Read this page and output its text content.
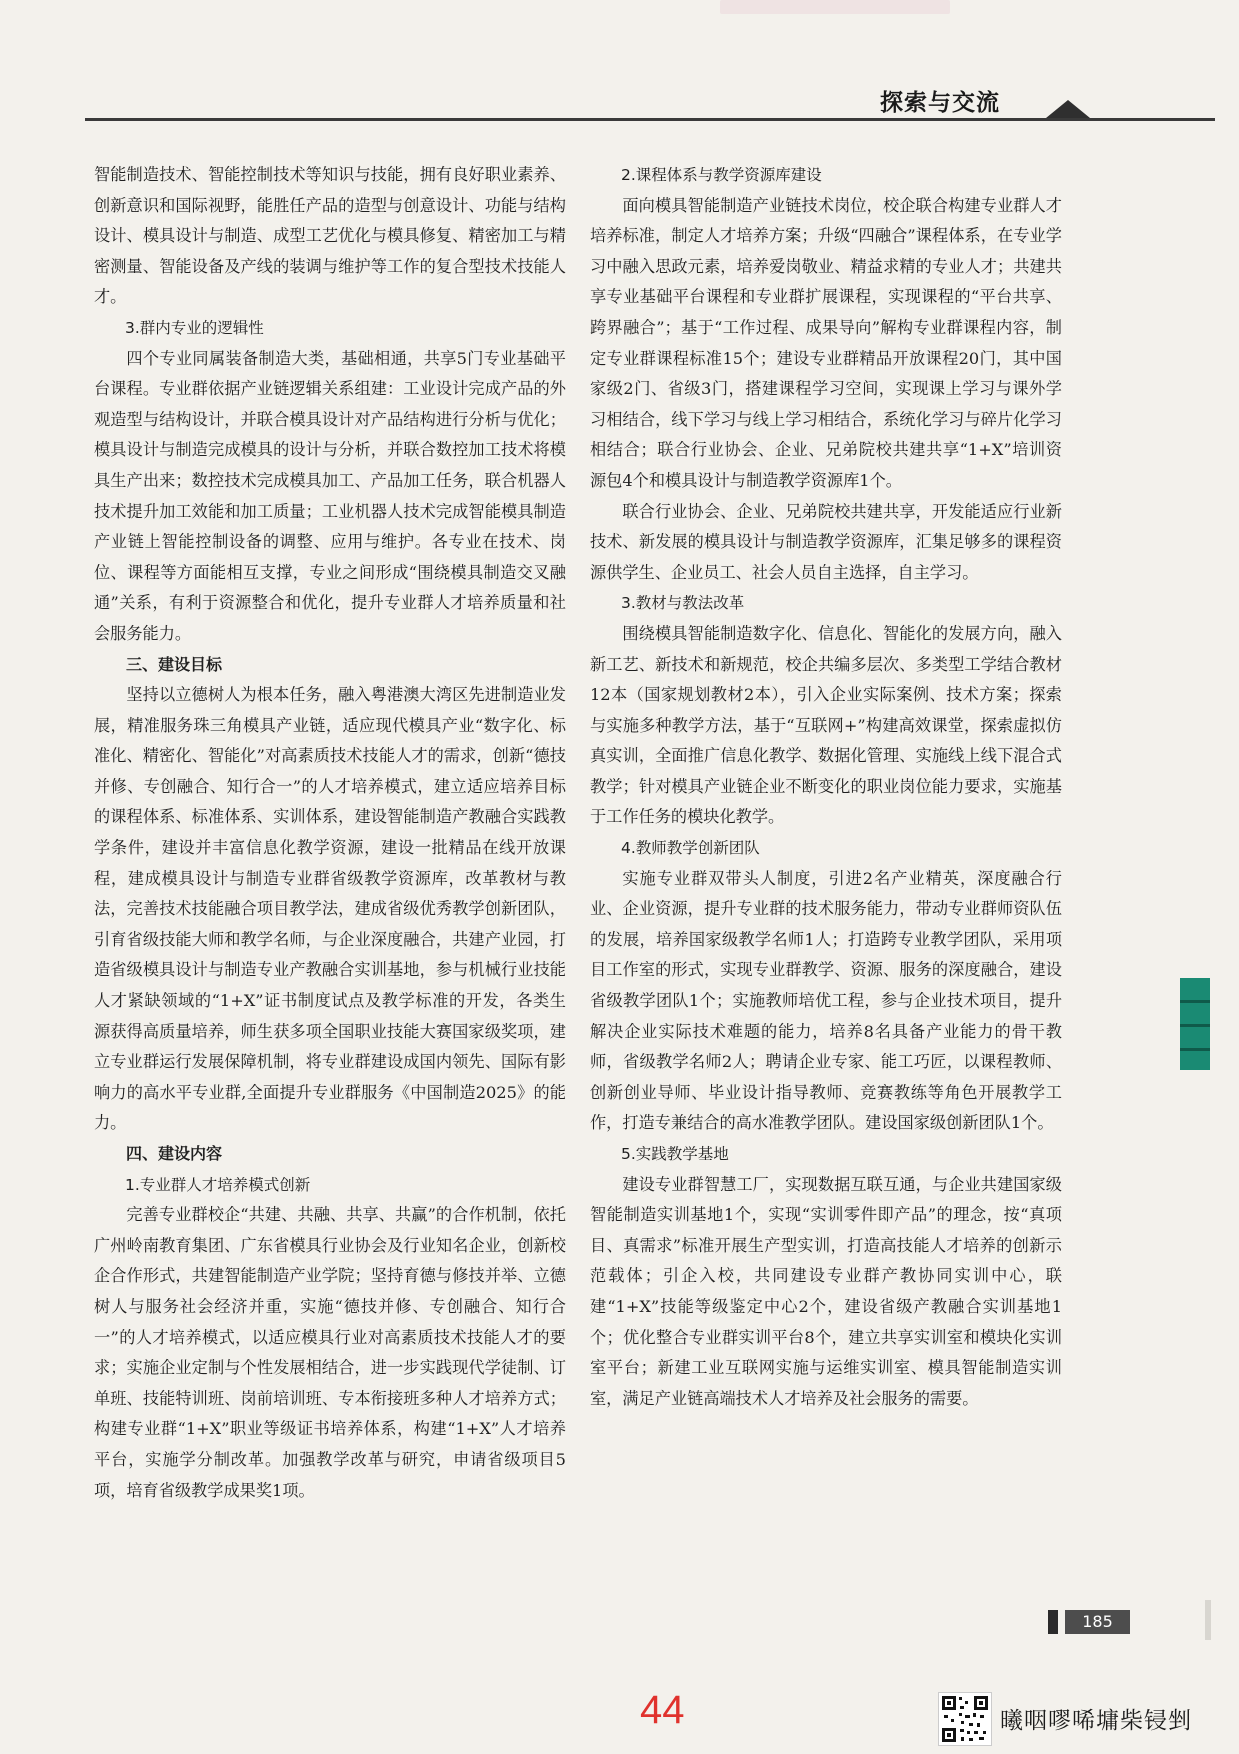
探索与交流

智能制造技术、智能控制技术等知识与技能，拥有良好职业素养、创新意识和国际视野，能胜任产品的造型与创意设计、功能与结构设计、模具设计与制造、成型工艺优化与模具修复、精密加工与精密测量、智能设备及产线的装调与维护等工作的复合型技术技能人才。

3.群内专业的逻辑性

四个专业同属装备制造大类，基础相通，共享5门专业基础平台课程。专业群依据产业链逻辑关系组建：工业设计完成产品的外观造型与结构设计，并联合模具设计对产品结构进行分析与优化；模具设计与制造完成模具的设计与分析，并联合数控加工技术将模具生产出来；数控技术完成模具加工、产品加工任务，联合机器人技术提升加工效能和加工质量；工业机器人技术完成智能模具制造产业链上智能控制设备的调整、应用与维护。各专业在技术、岗位、课程等方面能相互支撑，专业之间形成“围绕模具制造交叉融通”关系，有利于资源整合和优化，提升专业群人才培养质量和社会服务能力。

三、建设目标

坚持以立德树人为根本任务，融入粤港澳大湾区先进制造业发展，精准服务珠三角模具产业链，适应现代模具产业“数字化、标准化、精密化、智能化”对高素质技术技能人才的需求，创新“德技并修、专创融合、知行合一”的人才培养模式，建立适应培养目标的课程体系、标准体系、实训体系，建设智能制造产教融合实践教学条件，建设并丰富信息化教学资源，建设一批精品在线开放课程，建成模具设计与制造专业群省级教学资源库，改革教材与教法，完善技术技能融合项目教学法，建成省级优秀教学创新团队，引育省级技能大师和教学名师，与企业深度融合，共建产业园，打造省级模具设计与制造专业产教融合实训基地，参与机械行业技能人才紧缺领域的“1+X”证书制度试点及教学标准的开发，各类生源获得高质量培养，师生获多项全国职业技能大赛国家级奖项，建立专业群运行发展保障机制，将专业群建设成国内领先、国际有影响力的高水平专业群,全面提升专业群服务《中国制造2025》的能力。

四、建设内容
1.专业群人才培养模式创新

完善专业群校企“共建、共融、共享、共赢”的合作机制，依托广州岭南教育集团、广东省模具行业协会及行业知名企业，创新校企合作形式，共建智能制造产业学院；坚持育德与修技并举、立德树人与服务社会经济并重，实施“德技并修、专创融合、知行合一”的人才培养模式，以适应模具行业对高素质技术技能人才的要求；实施企业定制与个性发展相结合，进一步实践现代学徒制、订单班、技能特训班、岗前培训班、专本衔接班多种人才培养方式；构建专业群“1+X”职业等级证书培养体系，构建“1+X”人才培养平台，实施学分制改革。加强教学改革与研究，申请省级项目5项，培育省级教学成果奖1项。

2.课程体系与教学资源库建设

面向模具智能制造产业链技术岗位，校企联合构建专业群人才培养标准，制定人才培养方案；升级“四融合”课程体系，在专业学习中融入思政元素，培养爱岗敬业、精益求精的专业人才；共建共享专业基础平台课程和专业群扩展课程，实现课程的“平台共享、跨界融合”；基于“工作过程、成果导向”解构专业群课程内容，制定专业群课程标准15个；建设专业群精品开放课程20门，其中国家级2门、省级3门，搭建课程学习空间，实现课上学习与课外学习相结合，线下学习与线上学习相结合，系统化学习与碎片化学习相结合；联合行业协会、企业、兄弟院校共建共享“1+X”培训资源包4个和模具设计与制造教学资源库1个。

联合行业协会、企业、兄弟院校共建共享，开发能适应行业新技术、新发展的模具设计与制造教学资源库，汇集足够多的课程资源供学生、企业员工、社会人员自主选择，自主学习。

3.教材与教法改革

围绕模具智能制造数字化、信息化、智能化的发展方向，融入新工艺、新技术和新规范，校企共编多层次、多类型工学结合教材12本（国家规划教材2本），引入企业实际案例、技术方案；探索与实施多种教学方法，基于“互联网+”构建高效课堂，探索虚拟仿真实训，全面推广信息化教学、数据化管理、实施线上线下混合式教学；针对模具产业链企业不断变化的职业岗位能力要求，实施基于工作任务的模块化教学。

4.教师教学创新团队

实施专业群双带头人制度，引进2名产业精英，深度融合行业、企业资源，提升专业群的技术服务能力，带动专业群师资队伍的发展，培养国家级教学名师1人；打造跨专业教学团队，采用项目工作室的形式，实现专业群教学、资源、服务的深度融合，建设省级教学团队1个；实施教师培优工程，参与企业技术项目，提升解决企业实际技术难题的能力，培养8名具备产业能力的骨干教师，省级教学名师2人；聘请企业专家、能工巧匠，以课程教师、创新创业导师、毕业设计指导教师、竞赛教练等角色开展教学工作，打造专兼结合的高水准教学团队。建设国家级创新团队1个。

5.实践教学基地

建设专业群智慧工厂，实现数据互联互通，与企业共建国家级智能制造实训基地1个，实现“实训零件即产品”的理念，按“真项目、真需求”标准开展生产型实训，打造高技能人才培养的创新示范载体；引企入校，共同建设专业群产教协同实训中心，联建“1+X”技能等级鉴定中心2个，建设省级产教融合实训基地1个；优化整合专业群实训平台8个，建立共享实训室和模块化实训室平台；新建工业互联网实施与运维实训室、模具智能制造实训室，满足产业链高端技术人才培养及社会服务的需要。

185
44	曦咽嘐唏墉柴锓剉
